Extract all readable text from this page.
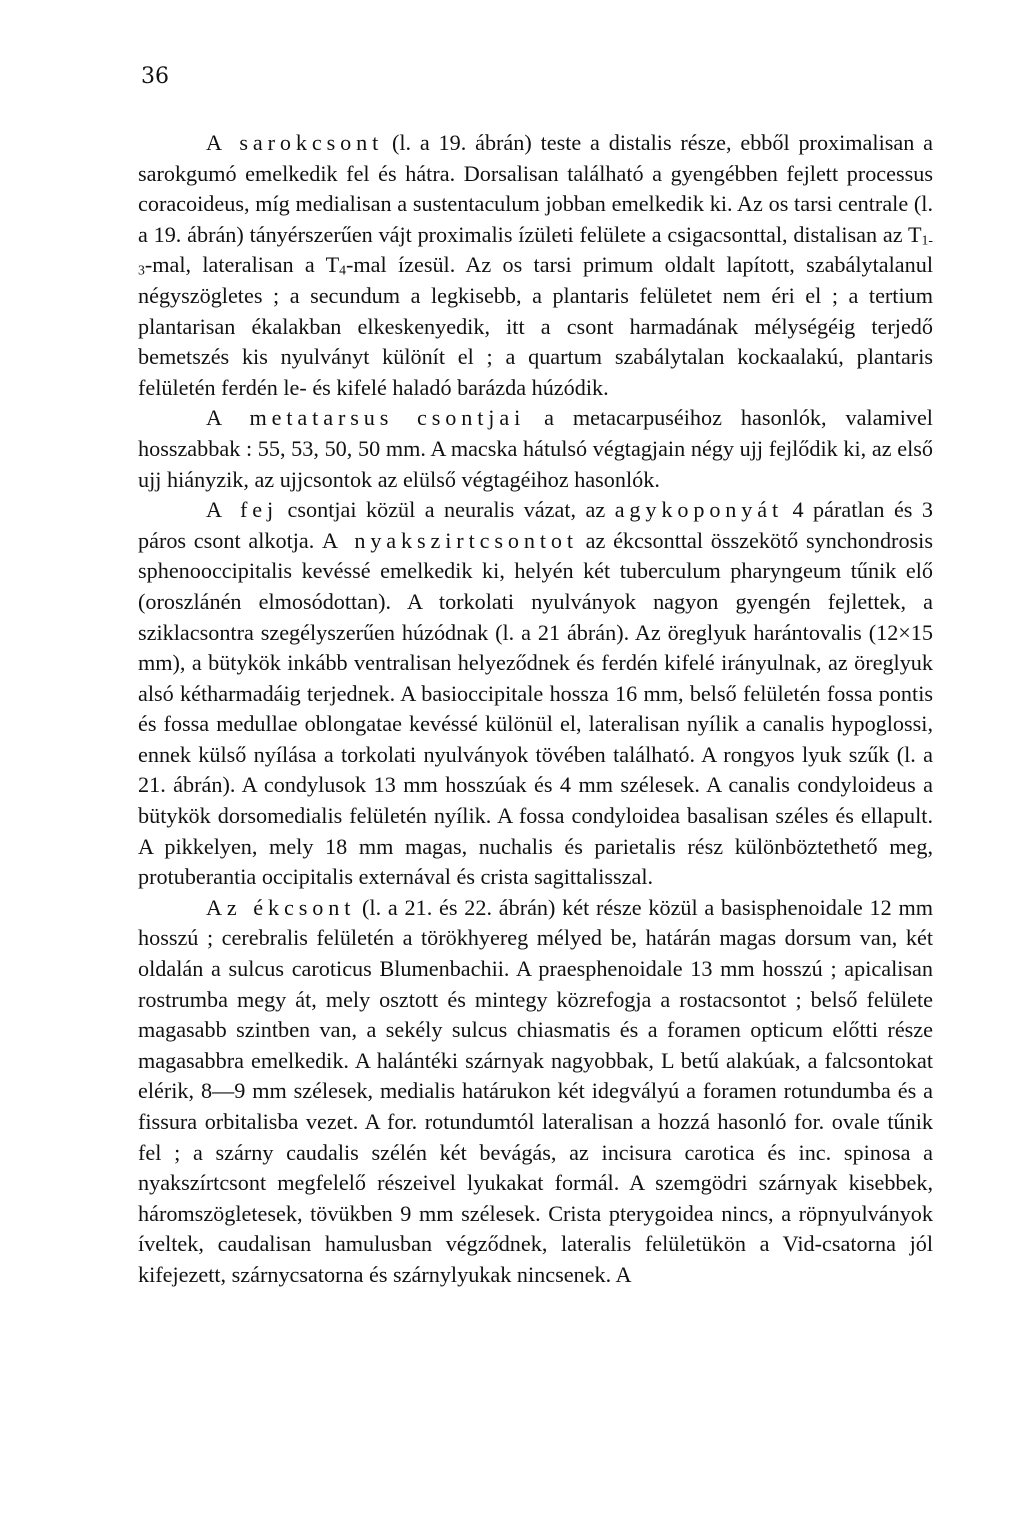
36

A sarokcsont (l. a 19. ábrán) teste a distalis része, ebből proximalisan a sarokgumó emelkedik fel és hátra. Dorsalisan található a gyengébben fejlett processus coracoideus, míg medialisan a sustentaculum jobban emelkedik ki. Az os tarsi centrale (l. a 19. ábrán) tányérszerűen vájt proximalis ízületi felülete a csigacsonttal, distalisan az $T_{1-3}$-mal, lateralisan a $T_4$-mal ízesül. Az os tarsi primum oldalt lapított, szabálytalanul négyszögletes ; a secundum a legkisebb, a plantaris felületet nem éri el ; a tertium plantarisan ékalakban elkeskenyedik, itt a csont harmadának mélységéig terjedő bemetszés kis nyulványt különít el ; a quartum szabálytalan kockaalakú, plantaris felületén ferdén le- és kifelé haladó barázda húzódik.

A metatarsus csontjai a metacarpuséihoz hasonlók, valamivel hosszabbak : 55, 53, 50, 50 mm. A macska hátulsó végtagjain négy ujj fejlődik ki, az első ujj hiányzik, az ujjcsontok az elülső végtagéihoz hasonlók.

A fej csontjai közül a neuralis vázat, az agykoponyát 4 páratlan és 3 páros csont alkotja. A nyakszirtcsontot az ékcsonttal összekötő synchondrosis sphenooccipitalis kevéssé emelkedik ki, helyén két tuberculum pharyngeum tűnik elő (oroszlánén elmosódottan). A torkolati nyulványok nagyon gyengén fejlettek, a sziklacsontra szegélyszerűen húzódnak (l. a 21 ábrán). Az öreglyuk harántovalis (12×15 mm), a bütykök inkább ventralisan helyeződnek és ferdén kifelé irányulnak, az öreglyuk alsó kétharmadáig terjednek. A basioccipitale hossza 16 mm, belső felületén fossa pontis és fossa medullae oblongatae kevéssé különül el, lateralisan nyílik a canalis hypoglossi, ennek külső nyílása a torkolati nyulványok tövében található. A rongyos lyuk szűk (l. a 21. ábrán). A condylusok 13 mm hosszúak és 4 mm szélesek. A canalis condyloideus a bütykök dorsomedialis felületén nyílik. A fossa condyloidea basalisan széles és ellapult. A pikkelyen, mely 18 mm magas, nuchalis és parietalis rész különböztethető meg, protuberantia occipitalis externával és crista sagittalisszal.

Az ékcsont (l. a 21. és 22. ábrán) két része közül a basisphenoidale 12 mm hosszú ; cerebralis felületén a törökhyereg mélyed be, határán magas dorsum van, két oldalán a sulcus caroticus Blumenbachii. A praesphenoidale 13 mm hosszú ; apicalisan rostrumba megy át, mely osztott és mintegy közrefogja a rostacsontot ; belső felülete magasabb szintben van, a sekély sulcus chiasmatis és a foramen opticum előtti része magasabbra emelkedik. A halántéki szárnyak nagyobbak, L betű alakúak, a falcsontokat elérik, 8—9 mm szélesek, medialis határukon két idegvályú a foramen rotundumba és a fissura orbitalisba vezet. A for. rotundumtól lateralisan a hozzá hasonló for. ovale tűnik fel ; a szárny caudalis szélén két bevágás, az incisura carotica és inc. spinosa a nyakszírtcsont megfelelő részeivel lyukakat formál. A szemgödri szárnyak kisebbek, háromszögletesek, tövükben 9 mm szélesek. Crista pterygoidea nincs, a röpnyulványok íveltek, caudalisan hamulusban végződnek, lateralis felületükön a Vid-csatorna jól kifejezett, szárnycsatorna és szárnylyukak nincsenek. A
